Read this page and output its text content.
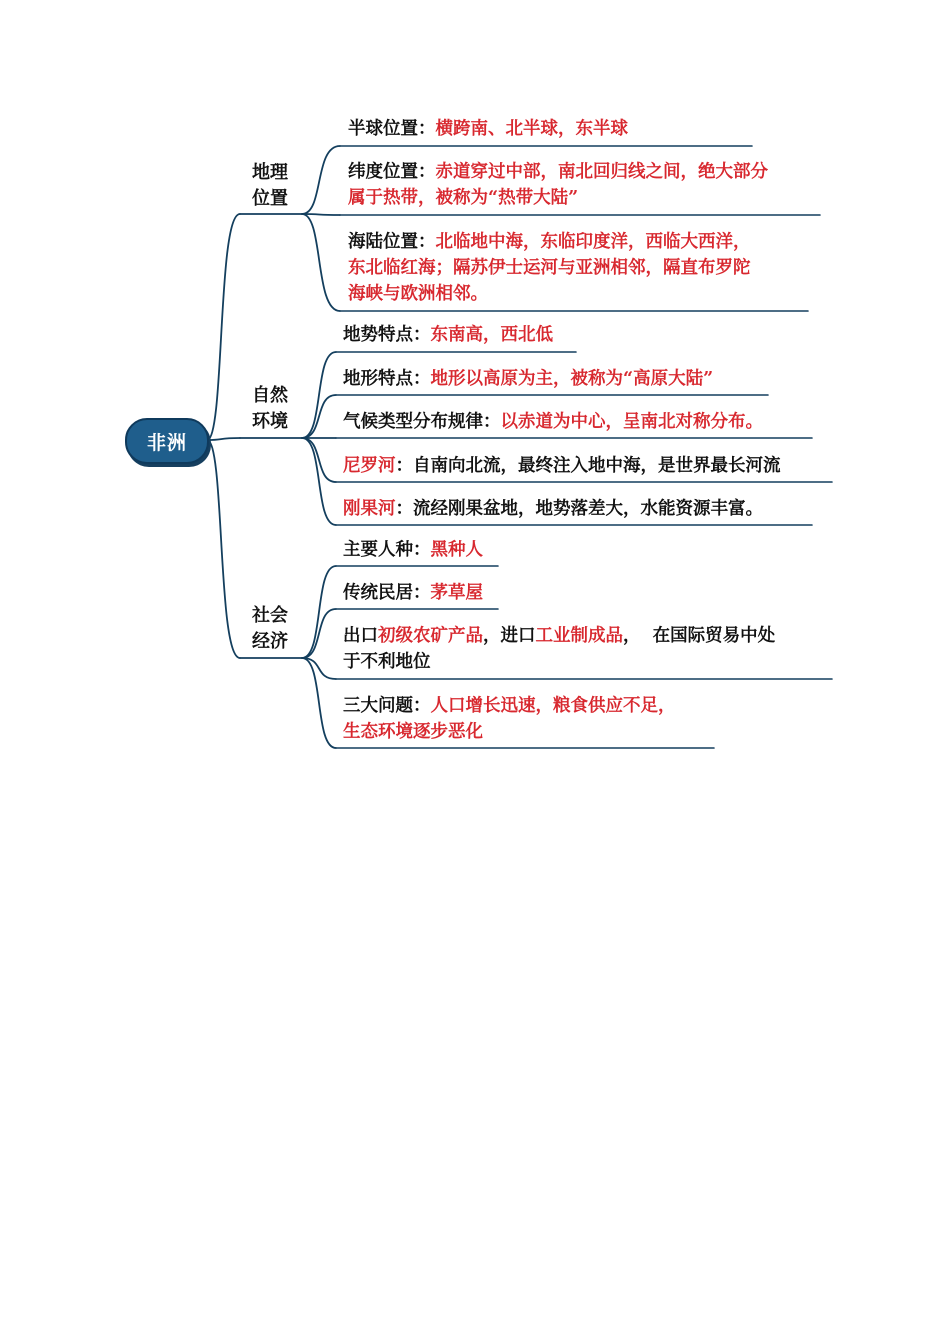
非洲
地理
位置
自然
环境
社会
经济
半球位置：横跨南、北半球，东半球
纬度位置：赤道穿过中部，南北回归线之间，绝大部分
属于热带，被称为“热带大陆”
海陆位置：北临地中海，东临印度洋，西临大西洋，
东北临红海；隔苏伊士运河与亚洲相邻，隔直布罗陀
海峡与欧洲相邻。
地势特点：东南高，西北低
地形特点：地形以高原为主，被称为“高原大陆”
气候类型分布规律：以赤道为中心，呈南北对称分布。
尼罗河：自南向北流，最终注入地中海，是世界最长河流
刚果河：流经刚果盆地，地势落差大，水能资源丰富。
主要人种：黑种人
传统民居：茅草屋
出口初级农矿产品，进口工业制成品，  在国际贸易中处
于不利地位
三大问题：人口增长迅速，粮食供应不足，
生态环境逐步恶化
